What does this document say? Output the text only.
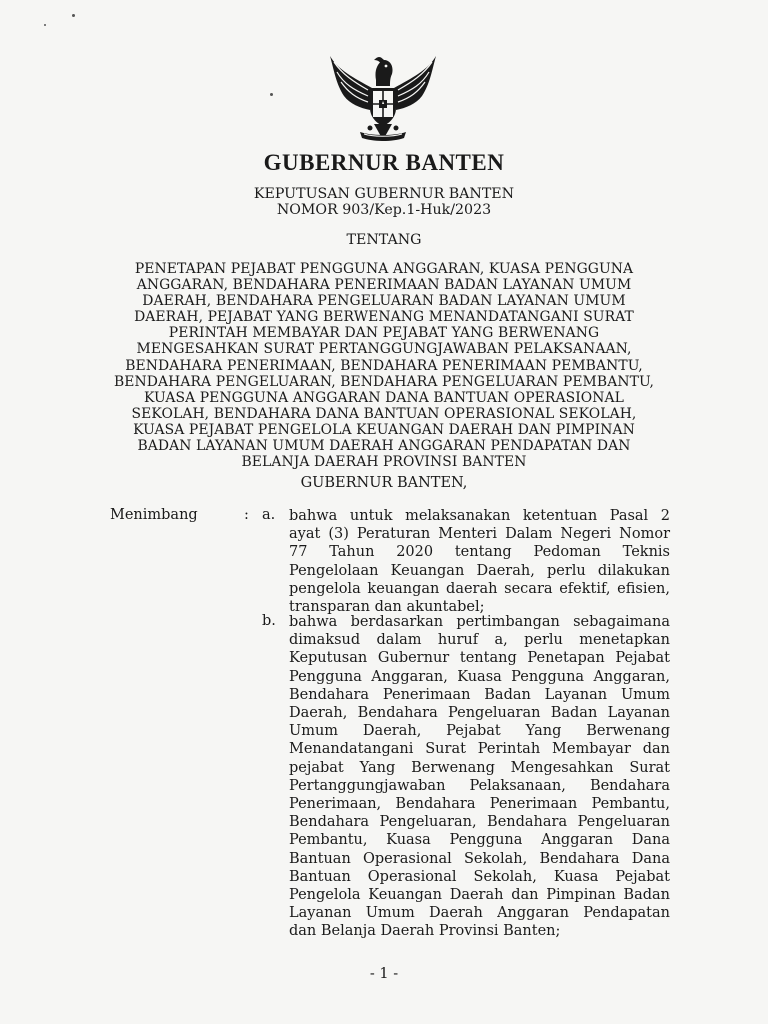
GUBERNUR BANTEN
KEPUTUSAN GUBERNUR BANTEN
NOMOR 903/Kep.1-Huk/2023
TENTANG
PENETAPAN PEJABAT PENGGUNA ANGGARAN, KUASA PENGGUNA
ANGGARAN, BENDAHARA PENERIMAAN BADAN LAYANAN UMUM
DAERAH, BENDAHARA PENGELUARAN BADAN LAYANAN UMUM
DAERAH, PEJABAT YANG BERWENANG MENANDATANGANI SURAT
PERINTAH MEMBAYAR DAN PEJABAT YANG BERWENANG
MENGESAHKAN SURAT PERTANGGUNGJAWABAN PELAKSANAAN,
BENDAHARA PENERIMAAN, BENDAHARA PENERIMAAN PEMBANTU,
BENDAHARA PENGELUARAN, BENDAHARA PENGELUARAN PEMBANTU,
KUASA PENGGUNA ANGGARAN DANA BANTUAN OPERASIONAL
SEKOLAH, BENDAHARA DANA BANTUAN OPERASIONAL SEKOLAH,
KUASA PEJABAT PENGELOLA KEUANGAN DAERAH DAN PIMPINAN
BADAN LAYANAN UMUM DAERAH ANGGARAN PENDAPATAN DAN
BELANJA DAERAH PROVINSI BANTEN
GUBERNUR BANTEN,
Menimbang	: a. bahwa untuk melaksanakan ketentuan Pasal 2
ayat (3) Peraturan Menteri Dalam Negeri Nomor
77 Tahun 2020 tentang Pedoman Teknis
Pengelolaan Keuangan Daerah, perlu dilakukan
pengelola keuangan daerah secara efektif, efisien,
transparan dan akuntabel;
b. bahwa berdasarkan pertimbangan sebagaimana
dimaksud dalam huruf a, perlu menetapkan
Keputusan Gubernur tentang Penetapan Pejabat
Pengguna Anggaran, Kuasa Pengguna Anggaran,
Bendahara Penerimaan Badan Layanan Umum
Daerah, Bendahara Pengeluaran Badan Layanan
Umum Daerah, Pejabat Yang Berwenang
Menandatangani Surat Perintah Membayar dan
pejabat Yang Berwenang Mengesahkan Surat
Pertanggungjawaban Pelaksanaan, Bendahara
Penerimaan, Bendahara Penerimaan Pembantu,
Bendahara Pengeluaran, Bendahara Pengeluaran
Pembantu, Kuasa Pengguna Anggaran Dana
Bantuan Operasional Sekolah, Bendahara Dana
Bantuan Operasional Sekolah, Kuasa Pejabat
Pengelola Keuangan Daerah dan Pimpinan Badan
Layanan Umum Daerah Anggaran Pendapatan
dan Belanja Daerah Provinsi Banten;
- 1 -
